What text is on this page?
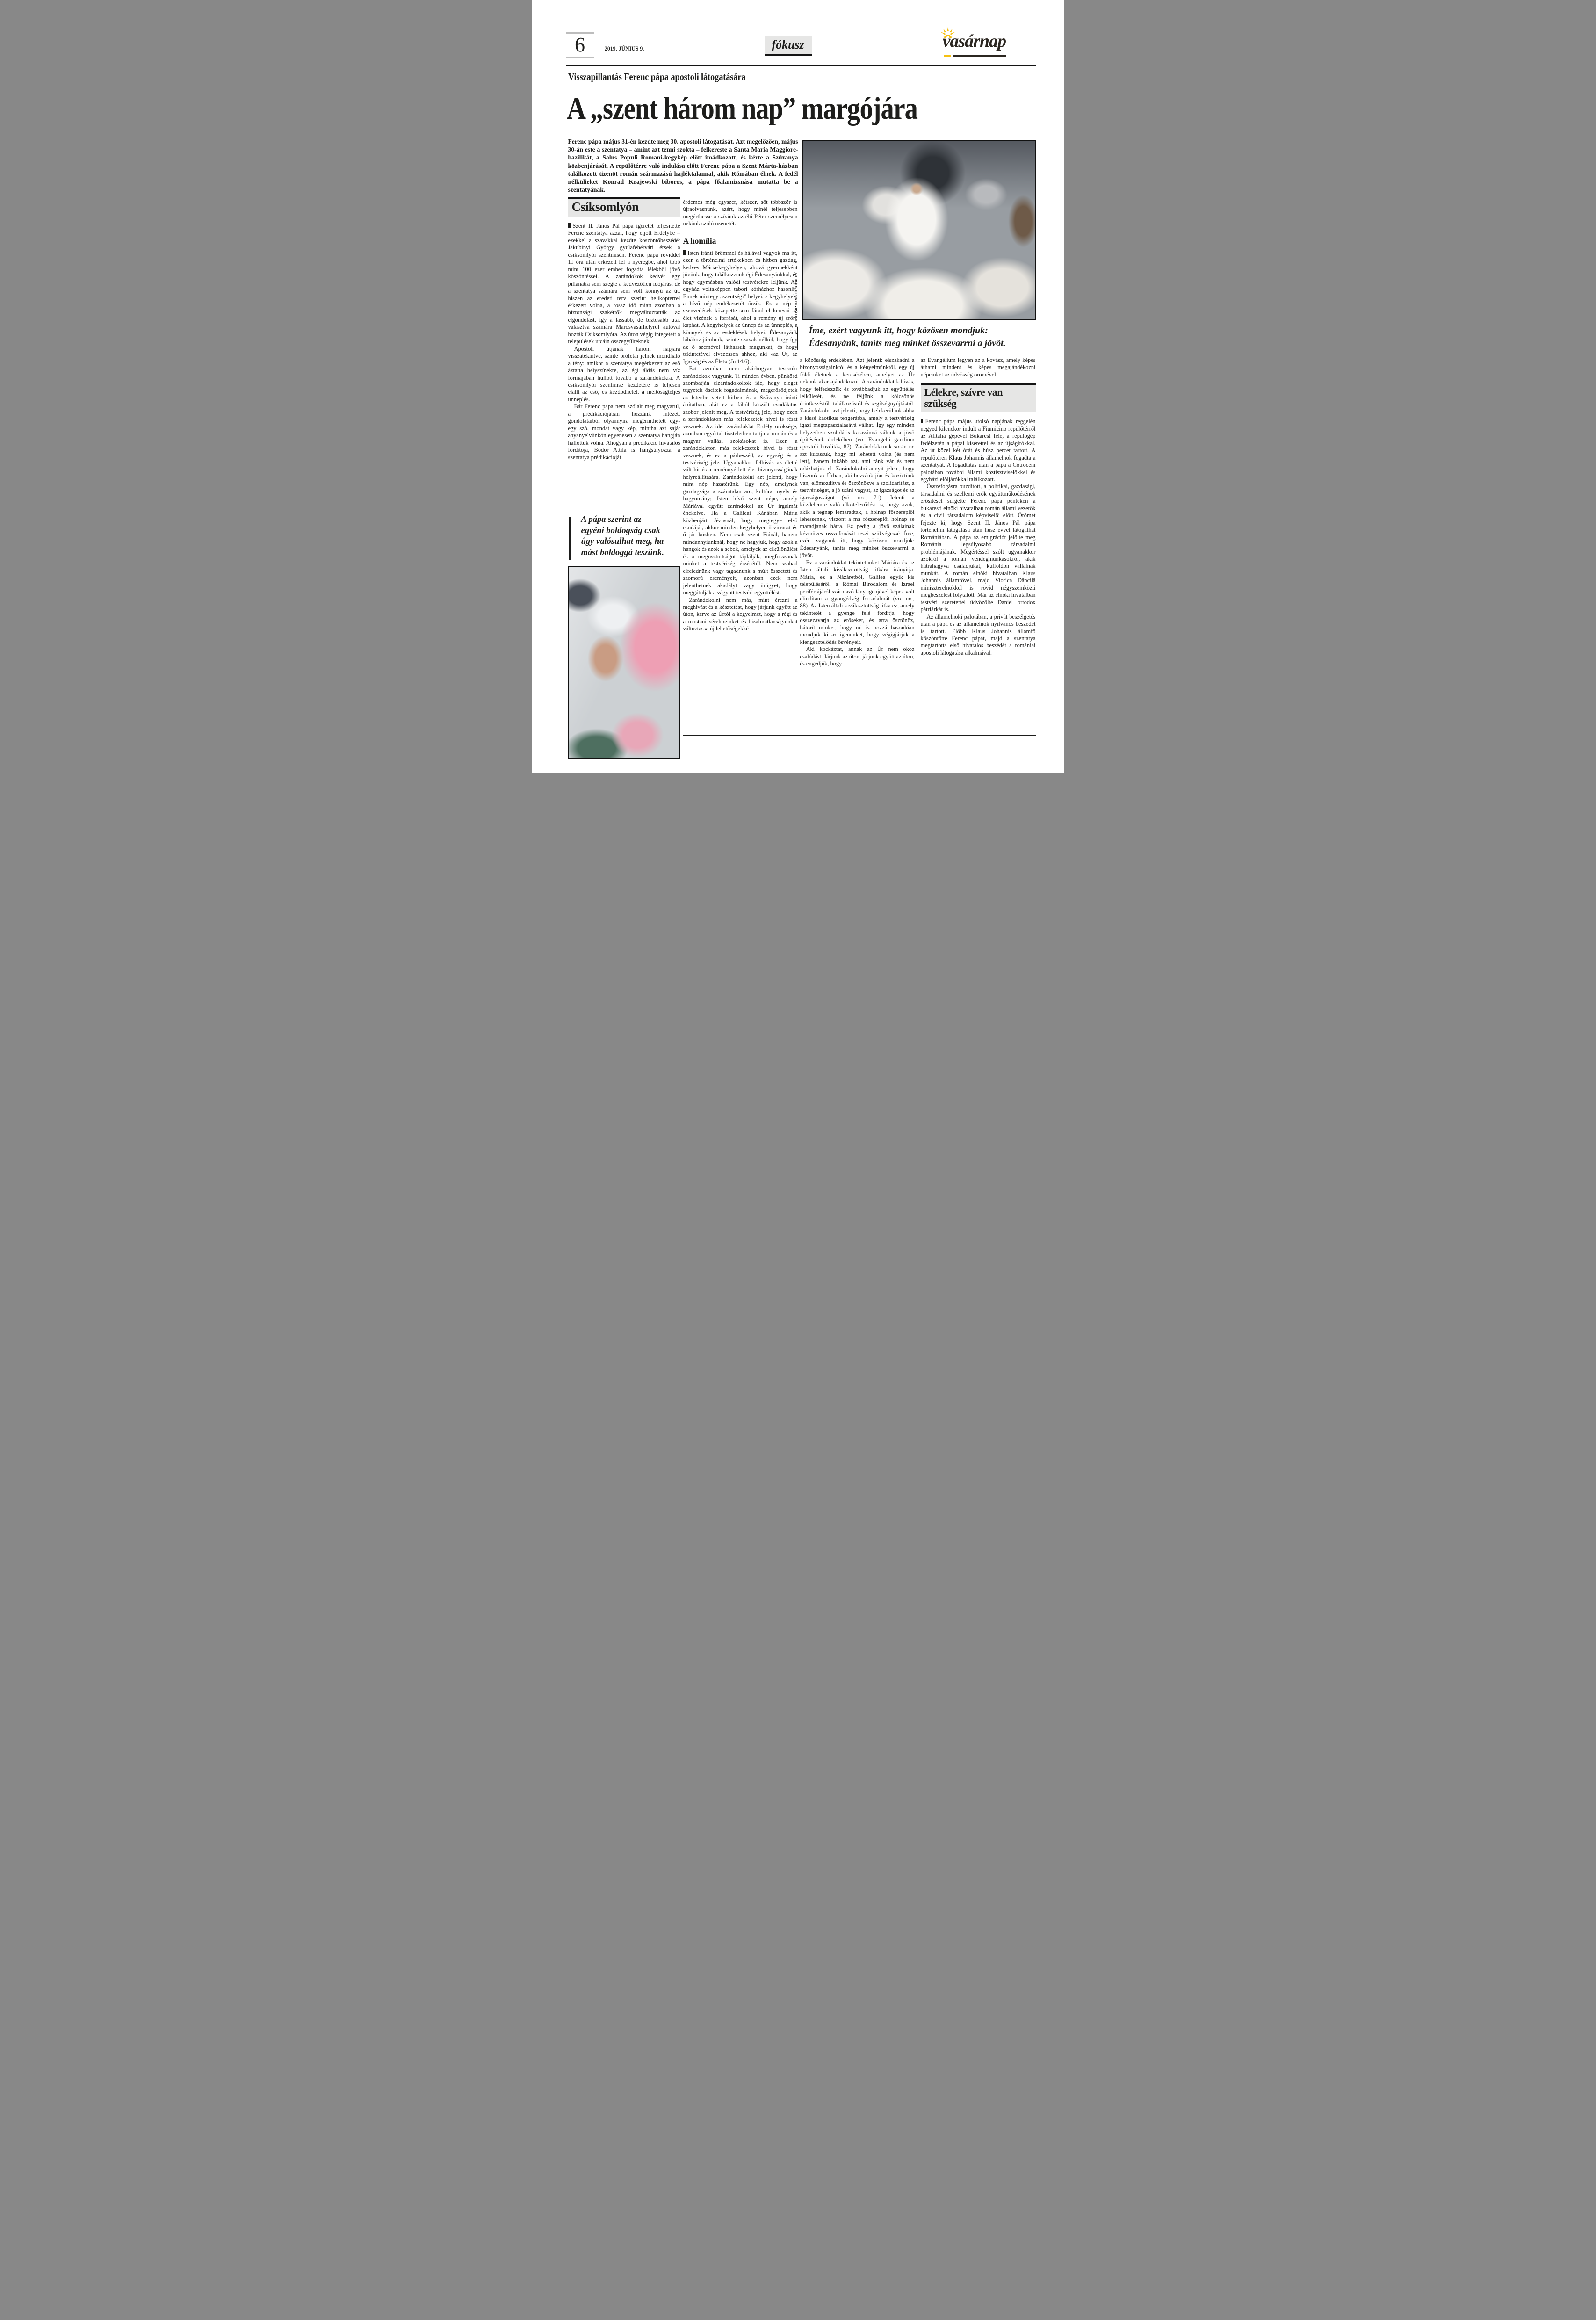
6	2019. JÚNIUS 9.	fókusz	vasárnap
Visszapillantás Ferenc pápa apostoli látogatására
A „szent három nap” margójára
Ferenc pápa május 31-én kezdte meg 30. apostoli látogatását. Azt megelőzően, május 30-án este a szentatya – amint azt tenni szokta – felkereste a Santa Maria Maggiore-bazilikát, a Salus Populi Romani-kegykép előtt imádkozott, és kérte a Szűzanya közbenjárását. A repülőtérre való indulása előtt Ferenc pápa a Szent Márta-házban találkozott tizenöt román származású hajléktalannal, akik Rómában élnek. A fedél nélkülieket Konrad Krajewski bíboros, a pápa főalamizsnása mutatta be a szentatyának.
FOTÓK: KRISTÓ RÓBERT
Íme, ezért vagyunk itt, hogy közösen mondjuk:
Édesanyánk, taníts meg minket összevarrni a jövőt.
A pápa szerint az
egyéni boldogság csak
úgy valósulhat meg, ha
mást boldoggá teszünk.
Csíksomlyón

Szent II. János Pál pápa ígéretét teljesítette Ferenc szentatya azzal, hogy eljött Erdélybe – ezekkel a szavakkal kezdte köszöntőbeszédét Jakubinyi György gyulafehérvári érsek a csíksomlyói szentmisén. Ferenc pápa röviddel 11 óra után érkezett fel a nyeregbe, ahol több mint 100 ezer ember fogadta lélekből jövő köszöntéssel. A zarándokok kedvét egy pillanatra sem szegte a kedvezőtlen időjárás, de a szentatya számára sem volt könnyű az út, hiszen az eredeti terv szerint helikopterrel érkezett volna, a rossz idő miatt azonban a biztonsági szakértők megváltoztatták az elgondolást, így a lassabb, de biztosabb utat választva számára Marosvásárhelyről autóval hozták Csíksomlyóra. Az úton végig integetett a települések utcáin összegyűlteknek.

Apostoli útjának három napjára visszatekintve, szinte prófétai jelnek mondható a tény: amikor a szentatya megérkezett az eső áztatta helyszínekre, az égi áldás nem víz formájában hullott tovább a zarándokokra. A csíksomlyói szentmise kezdetére is teljesen elállt az eső, és kezdődhetett a méltóságteljes ünneplés.

Bár Ferenc pápa nem szólalt meg magyarul, a prédikációjában hozzánk intézett gondolataiból olyannyira megérinthetett egy-egy szó, mondat vagy kép, mintha azt saját anyanyelvünkön egyenesen a szentatya hangján hallottuk volna. Ahogyan a prédikáció hivatalos fordítója, Bodor Attila is hangsúlyozza, a szentatya prédikációját

érdemes még egyszer, kétszer, sőt többször is újraolvasnunk, azért, hogy minél teljesebben megérthesse a szívünk az élő Péter személyesen nekünk szóló üzenetét.

A homília

Isten iránti örömmel és hálával vagyok ma itt, ezen a történelmi értékekben és hitben gazdag, kedves Mária-kegyhelyen, ahová gyermekként jövünk, hogy találkozzunk égi Édesanyánkkal, és hogy egymásban valódi testvérekre leljünk. Az egyház voltaképpen tábori kórházhoz hasonlít. Ennek mintegy „szentségi” helyei, a kegyhelyek, a hívő nép emlékezetét őrzik. Ez a nép a szenvedések közepette sem fárad el keresni az élet vizének a forrását, ahol a remény új erőre kaphat. A kegyhelyek az ünnep és az ünneplés, a könnyek és az esdeklések helyei. Édesanyánk lábához járulunk, szinte szavak nélkül, hogy így az ő szemével láthassuk magunkat, és hogy tekintetével elvezessen ahhoz, aki »az Út, az Igazság és az Élet« (Jn 14,6).

Ezt azonban nem akárhogyan tesszük: zarándokok vagyunk. Ti minden évben, pünkösd szombatján elzarándokoltok ide, hogy eleget tegyetek őseitek fogadalmának, megerősödjetek az Istenbe vetett hitben és a Szűzanya iránti áhítatban, akit ez a fából készült csodálatos szobor jelenít meg. A testvériség jele, hogy ezen a zarándoklaton más felekezetek hívei is részt vesznek. Az idei zarándoklat Erdély öröksége, azonban egyúttal tiszteletben tartja a román és a magyar vallási szokásokat is. Ezen a zarándoklaton más felekezetek hívei is részt vesznek, és ez a párbeszéd, az egység és a testvériség jele. Ugyanakkor felhívás az életté vált hit és a reménnyé lett élet bizonyosságának helyreállítására. Zarándokolni azt jelenti, hogy mint nép hazatérünk. Egy nép, amelynek gazdagsága a számtalan arc, kultúra, nyelv és hagyomány; Isten hívő szent népe, amely Máriával együtt zarándokol az Úr irgalmát énekelve. Ha a Galileai Kánában Mária közbenjárt Jézusnál, hogy megtegye első csodáját, akkor minden kegyhelyen ő virraszt és ő jár közben. Nem csak szent Fiánál, hanem mindannyiunknál, hogy ne hagyjuk, hogy azok a hangok és azok a sebek, amelyek az elkülönülést és a megosztottságot táplálják, megfosszanak minket a testvériség érzésétől. Nem szabad elfelednünk vagy tagadnunk a múlt összetett és szomorú eseményeit, azonban ezek nem jelenthetnek akadályt vagy ürügyet, hogy meggátolják a vágyott testvéri együttélést.

Zarándokolni nem más, mint érezni a meghívást és a késztetést, hogy járjunk együtt az úton, kérve az Úrtól a kegyelmet, hogy a régi és a mostani sérelmeinket és bizalmatlanságainkat változtassa új lehetőségekké

a közösség érdekében. Azt jelenti: elszakadni a bizonyosságainktól és a kényelmünktől, egy új földi életnek a keresésében, amelyet az Úr nekünk akar ajándékozni. A zarándoklat kihívás, hogy felfedezzük és továbbadjuk az együttélés lelkületét, és ne féljünk a kölcsönös érintkezéstől, találkozástól és segítségnyújtástól. Zarándokolni azt jelenti, hogy belekerülünk abba a kissé kaotikus tengerárba, amely a testvériség igazi megtapasztalásává válhat. Így egy minden helyzetben szolidáris karavánná válunk a jövő építésének érdekében (vö. Evangelii gaudium apostoli buzdítás, 87). Zarándoklatunk során ne azt kutassuk, hogy mi lehetett volna (és nem lett), hanem inkább azt, ami ránk vár és nem odázhatjuk el. Zarándokolni annyit jelent, hogy hiszünk az Úrban, aki hozzánk jön és közöttünk van, előmozdítva és ösztönözve a szolidaritást, a testvériséget, a jó utáni vágyat, az igazságot és az igazságosságot (vö. uo., 71). Jelenti a küzdelemre való elköteleződést is, hogy azok, akik a tegnap lemaradtak, a holnap főszereplői lehessenek, viszont a ma főszereplői holnap se maradjanak hátra. Ez pedig a jövő szálainak kézműves összefonását teszi szükségessé. Íme, ezért vagyunk itt, hogy közösen mondjuk: Édesanyánk, taníts meg minket összevarrni a jövőt.

Ez a zarándoklat tekintetünket Máriára és az Isten általi kiválasztottság titkára irányítja. Mária, ez a Názáretből, Galilea egyik kis településéről, a Római Birodalom és Izrael perifériájáról származó lány igenjével képes volt elindítani a gyöngédség forradalmát (vö. uo., 88). Az Isten általi kiválasztottság titka ez, amely tekintetét a gyenge felé fordítja, hogy összezavarja az erőseket, és arra ösztönöz, bátorít minket, hogy mi is hozzá hasonlóan mondjuk ki az igenünket, hogy végigjárjuk a kiengesztelődés ösvényeit.

Aki kockáztat, annak az Úr nem okoz csalódást. Járjunk az úton, járjunk együtt az úton, és engedjük, hogy

az Evangélium legyen az a kovász, amely képes áthatni mindent és képes megajándékozni népeinket az üdvösség örömével.

Lélekre, szívre van szükség

Ferenc pápa május utolsó napjának reggelén negyed kilenckor indult a Fiumicino repülőtérről az Alitalia gépével Bukarest felé, a repülőgép fedélzetén a pápai kísérettel és az újságírókkal. Az út közel két órát és húsz percet tartott. A repülőtéren Klaus Johannis államelnök fogadta a szentatyát. A fogadtatás után a pápa a Cotroceni palotában további állami köztisztviselőkkel és egyházi elöljárókkal találkozott.

Összefogásra buzdított, a politikai, gazdasági, társadalmi és szellemi erők együttműködésének erősítését sürgette Ferenc pápa pénteken a bukaresti elnöki hivatalban román állami vezetők és a civil társadalom képviselői előtt. Örömét fejezte ki, hogy Szent II. János Pál pápa történelmi látogatása után húsz évvel látogathat Romániában. A pápa az emigrációt jelölte meg Románia legsúlyosabb társadalmi problémájának. Megértéssel szólt ugyanakkor azokról a román vendégmunkásokról, akik hátrahagyva családjukat, külföldön vállalnak munkát. A román elnöki hivatalban Klaus Johannis államfővel, majd Viorica Dăncilă miniszterelnökkel is rövid négyszemközti megbeszélést folytatott. Már az elnöki hivatalban testvéri szeretettel üdvözölte Daniel ortodox pátriárkát is.

Az államelnöki palotában, a privát beszélgetés után a pápa és az államelnök nyilvános beszédet is tartott. Előbb Klaus Johannis államfő köszöntötte Ferenc pápát, majd a szentatya megtartotta első hivatalos beszédét a romániai apostoli látogatása alkalmával.
